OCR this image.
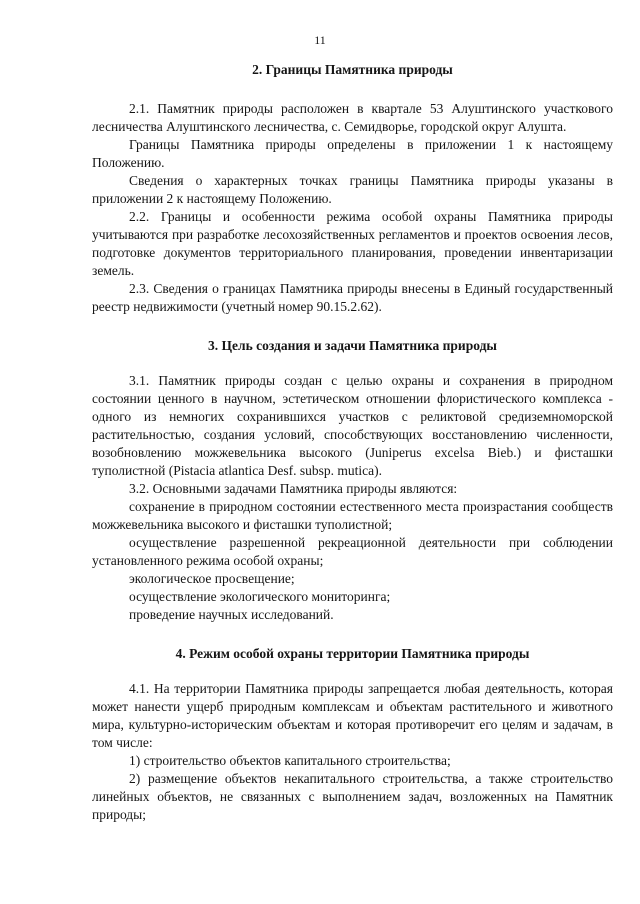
11
2. Границы Памятника природы

2.1. Памятник природы расположен в квартале 53 Алуштинского участкового лесничества Алуштинского лесничества, с. Семидворье, городской округ Алушта.

Границы Памятника природы определены в приложении 1 к настоящему Положению.

Сведения о характерных точках границы Памятника природы указаны в приложении 2 к настоящему Положению.

2.2. Границы и особенности режима особой охраны Памятника природы учитываются при разработке лесохозяйственных регламентов и проектов освоения лесов, подготовке документов территориального планирования, проведении инвентаризации земель.

2.3. Сведения о границах Памятника природы внесены в Единый государственный реестр недвижимости (учетный номер 90.15.2.62).

3. Цель создания и задачи Памятника природы

3.1. Памятник природы создан с целью охраны и сохранения в природном состоянии ценного в научном, эстетическом отношении флористического комплекса - одного из немногих сохранившихся участков с реликтовой средиземноморской растительностью, создания условий, способствующих восстановлению численности, возобновлению можжевельника высокого (Juniperus excelsa Bieb.) и фисташки туполистной (Pistacia atlantica Desf. subsp. mutica).

3.2. Основными задачами Памятника природы являются:

сохранение в природном состоянии естественного места произрастания сообществ можжевельника высокого и фисташки туполистной;

осуществление разрешенной рекреационной деятельности при соблюдении установленного режима особой охраны;

экологическое просвещение;

осуществление экологического мониторинга;

проведение научных исследований.

4. Режим особой охраны территории Памятника природы

4.1. На территории Памятника природы запрещается любая деятельность, которая может нанести ущерб природным комплексам и объектам растительного и животного мира, культурно-историческим объектам и которая противоречит его целям и задачам, в том числе:

1) строительство объектов капитального строительства;

2) размещение объектов некапитального строительства, а также строительство линейных объектов, не связанных с выполнением задач, возложенных на Памятник природы;
